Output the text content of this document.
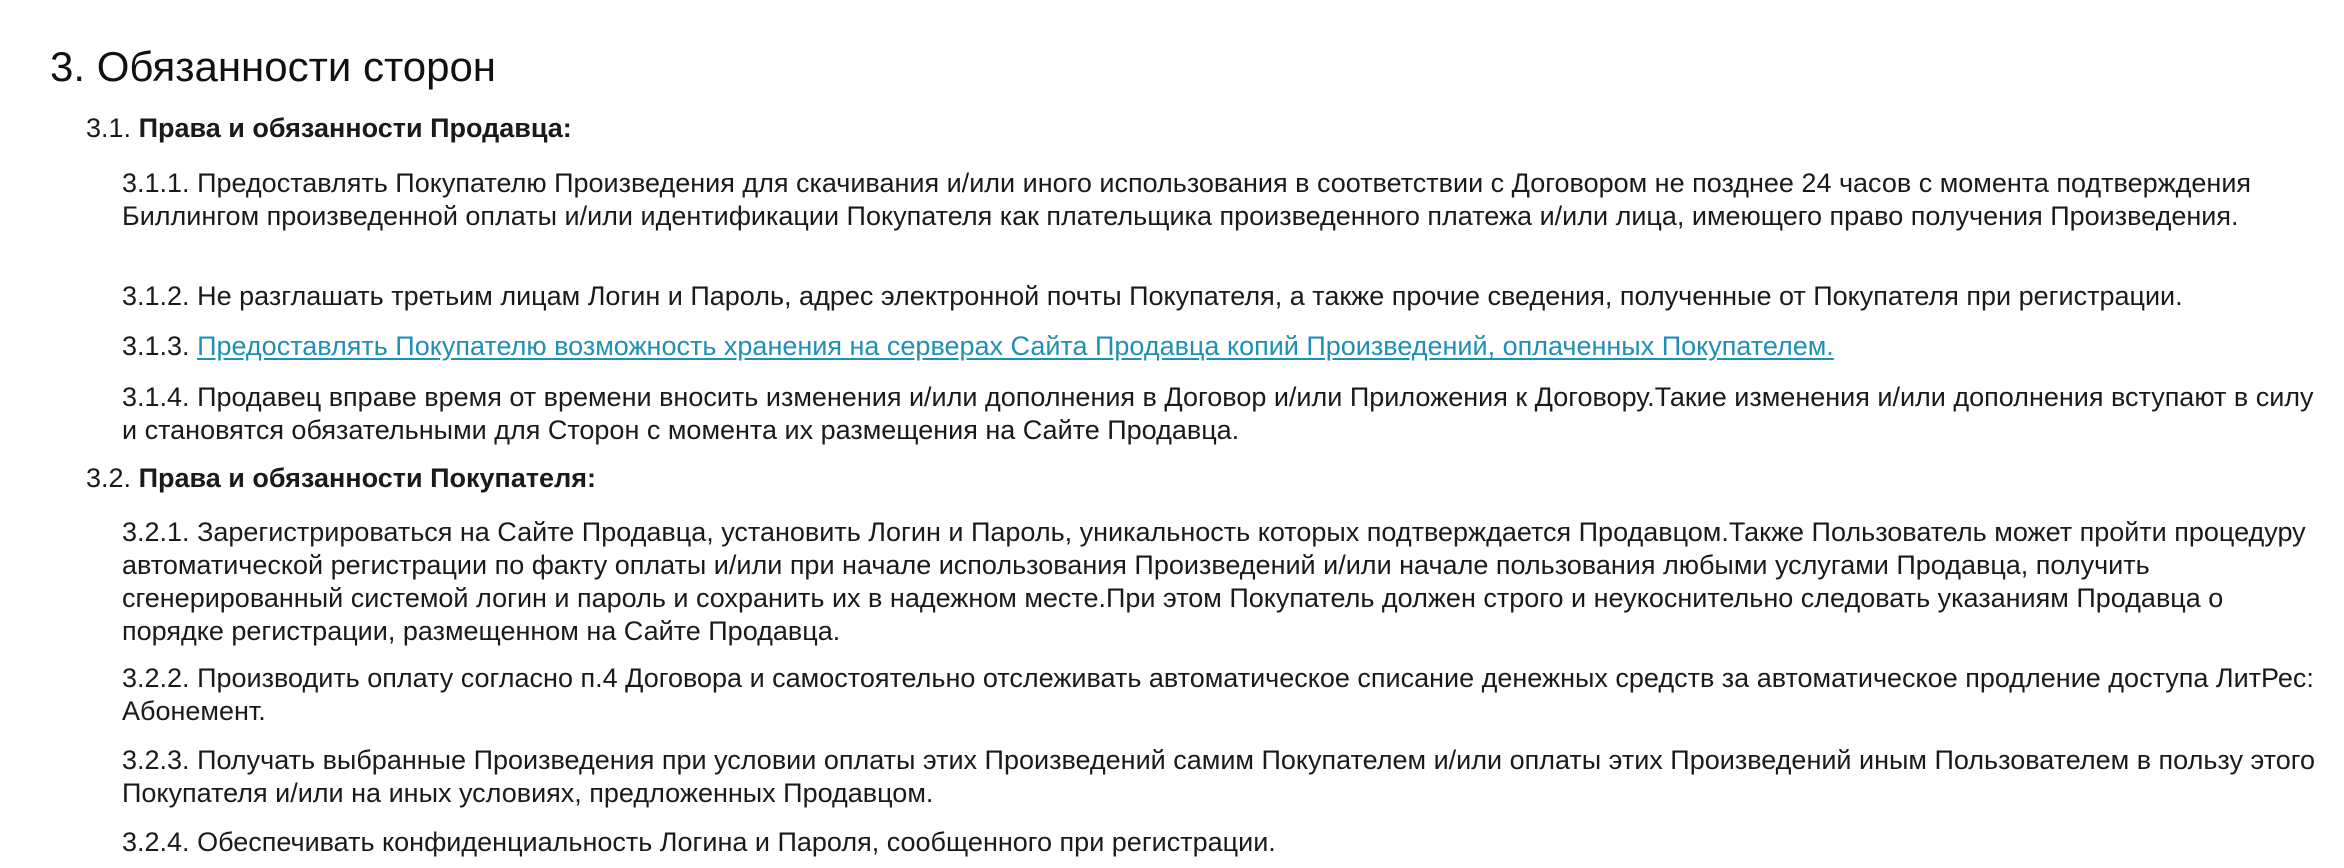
3. Обязанности сторон
3.1. Права и обязанности Продавца:
3.1.1. Предоставлять Покупателю Произведения для скачивания и/или иного использования в соответствии с Договором не позднее 24 часов с момента подтверждения Биллингом произведенной оплаты и/или идентификации Покупателя как плательщика произведенного платежа и/или лица, имеющего право получения Произведения.
3.1.2. Не разглашать третьим лицам Логин и Пароль, адрес электронной почты Покупателя, а также прочие сведения, полученные от Покупателя при регистрации.
3.1.3. Предоставлять Покупателю возможность хранения на серверах Сайта Продавца копий Произведений, оплаченных Покупателем.
3.1.4. Продавец вправе время от времени вносить изменения и/или дополнения в Договор и/или Приложения к Договору.Такие изменения и/или дополнения вступают в силу и становятся обязательными для Сторон с момента их размещения на Сайте Продавца.
3.2. Права и обязанности Покупателя:
3.2.1. Зарегистрироваться на Сайте Продавца, установить Логин и Пароль, уникальность которых подтверждается Продавцом.Также Пользователь может пройти процедуру автоматической регистрации по факту оплаты и/или при начале использования Произведений и/или начале пользования любыми услугами Продавца, получить сгенерированный системой логин и пароль и сохранить их в надежном месте.При этом Покупатель должен строго и неукоснительно следовать указаниям Продавца о порядке регистрации, размещенном на Сайте Продавца.
3.2.2. Производить оплату согласно п.4 Договора и самостоятельно отслеживать автоматическое списание денежных средств за автоматическое продление доступа ЛитРес: Абонемент.
3.2.3. Получать выбранные Произведения при условии оплаты этих Произведений самим Покупателем и/или оплаты этих Произведений иным Пользователем в пользу этого Покупателя и/или на иных условиях, предложенных Продавцом.
3.2.4. Обеспечивать конфиденциальность Логина и Пароля, сообщенного при регистрации.
